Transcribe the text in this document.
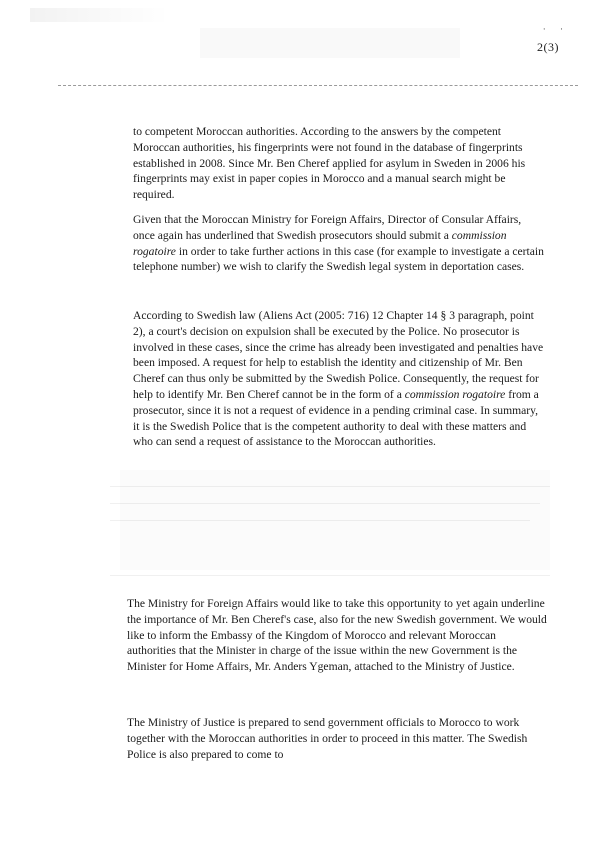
· ·
2(3)

to competent Moroccan authorities. According to the answers by the competent Moroccan authorities, his fingerprints were not found in the database of fingerprints established in 2008. Since Mr. Ben Cheref applied for asylum in Sweden in 2006 his fingerprints may exist in paper copies in Morocco and a manual search might be required.

Given that the Moroccan Ministry for Foreign Affairs, Director of Consular Affairs, once again has underlined that Swedish prosecutors should submit a commission rogatoire in order to take further actions in this case (for example to investigate a certain telephone number) we wish to clarify the Swedish legal system in deportation cases.

According to Swedish law (Aliens Act (2005: 716) 12 Chapter 14 § 3 paragraph, point 2), a court's decision on expulsion shall be executed by the Police. No prosecutor is involved in these cases, since the crime has already been investigated and penalties have been imposed. A request for help to establish the identity and citizenship of Mr. Ben Cheref can thus only be submitted by the Swedish Police. Consequently, the request for help to identify Mr. Ben Cheref cannot be in the form of a commission rogatoire from a prosecutor, since it is not a request of evidence in a pending criminal case. In summary, it is the Swedish Police that is the competent authority to deal with these matters and who can send a request of assistance to the Moroccan authorities.

The Ministry for Foreign Affairs would like to take this opportunity to yet again underline the importance of Mr. Ben Cheref's case, also for the new Swedish government. We would like to inform the Embassy of the Kingdom of Morocco and relevant Moroccan authorities that the Minister in charge of the issue within the new Government is the Minister for Home Affairs, Mr. Anders Ygeman, attached to the Ministry of Justice.

The Ministry of Justice is prepared to send government officials to Morocco to work together with the Moroccan authorities in order to proceed in this matter. The Swedish Police is also prepared to come to
